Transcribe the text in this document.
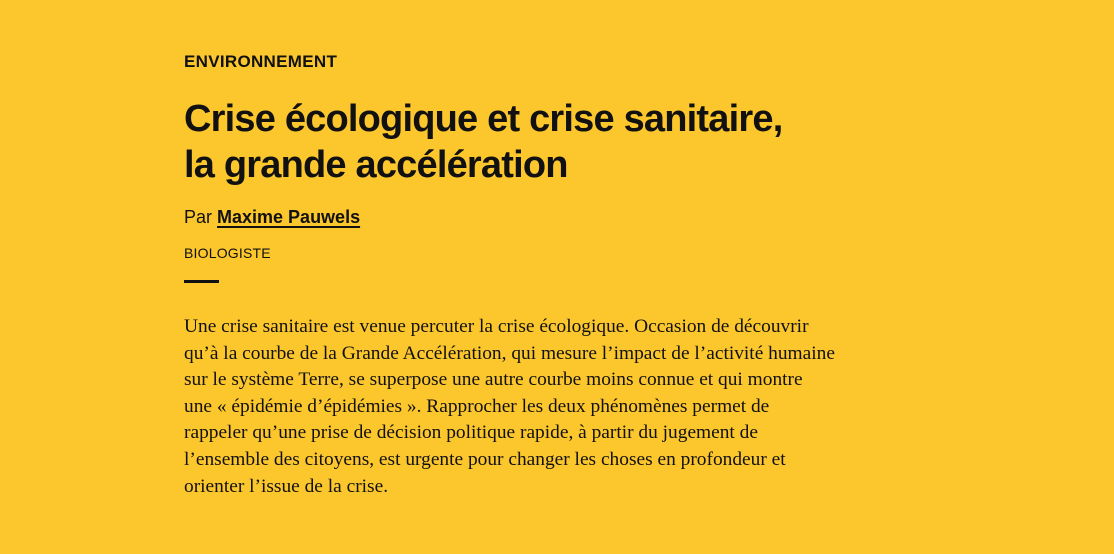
ENVIRONNEMENT

Crise écologique et crise sanitaire,
la grande accélération

Par Maxime Pauwels

BIOLOGISTE

Une crise sanitaire est venue percuter la crise écologique. Occasion de découvrir
qu’à la courbe de la Grande Accélération, qui mesure l’impact de l’activité humaine
sur le système Terre, se superpose une autre courbe moins connue et qui montre
une « épidémie d’épidémies ». Rapprocher les deux phénomènes permet de
rappeler qu’une prise de décision politique rapide, à partir du jugement de
l’ensemble des citoyens, est urgente pour changer les choses en profondeur et
orienter l’issue de la crise.
